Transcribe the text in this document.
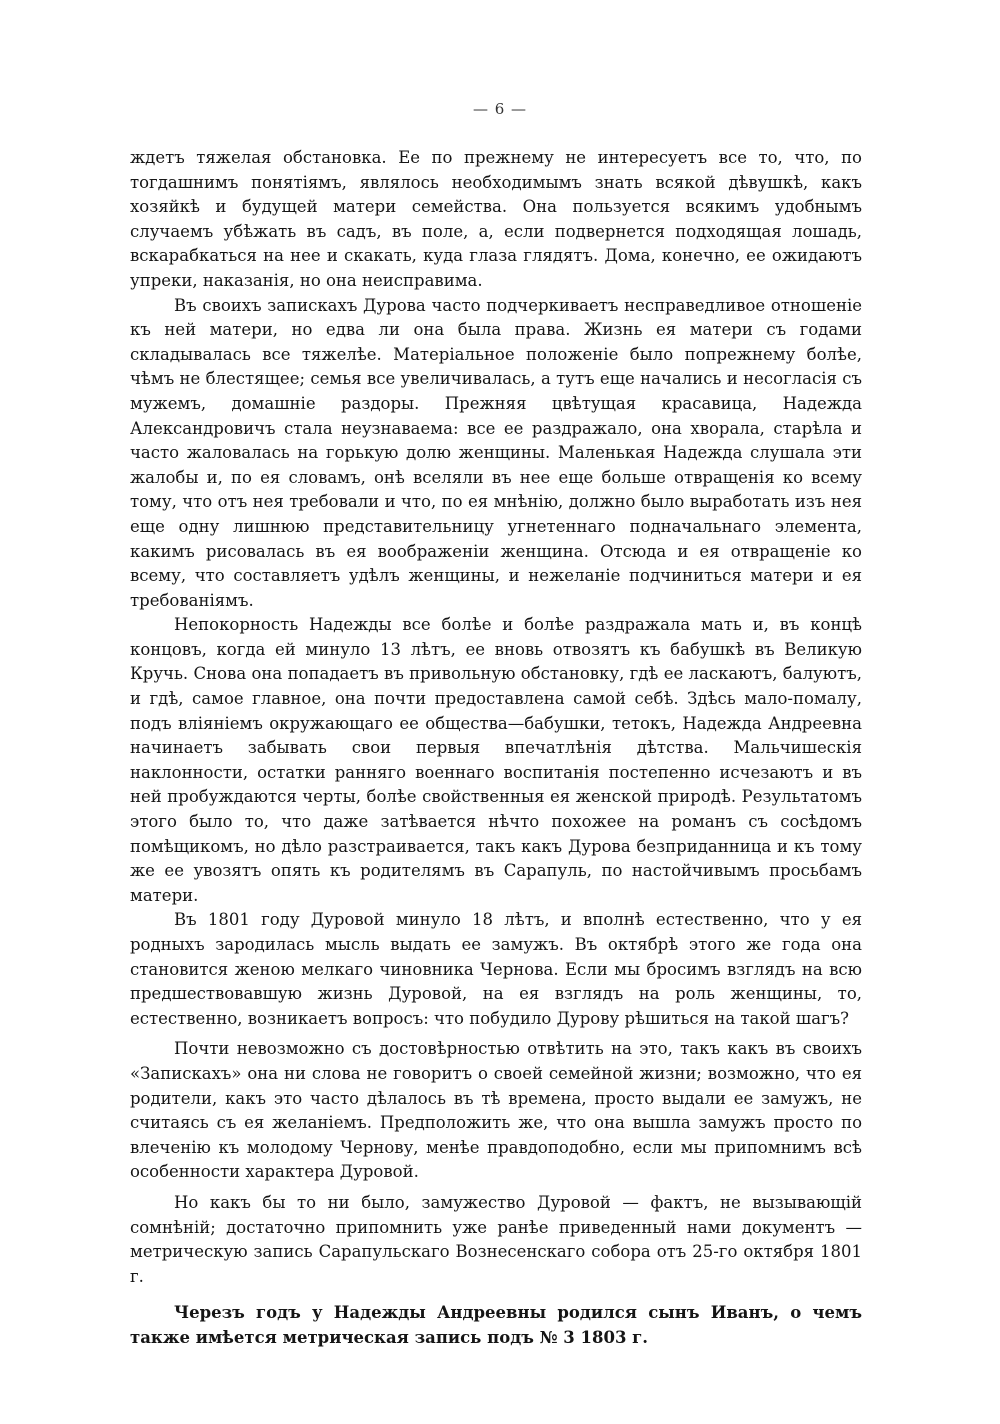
— 6 —

ждетъ тяжелая обстановка. Ее по прежнему не интересуетъ все то, что, по тогдашнимъ понятіямъ, являлось необходимымъ знать всякой дѣвушкѣ, какъ хозяйкѣ и будущей матери семейства. Она пользуется всякимъ удобнымъ случаемъ убѣжать въ садъ, въ поле, а, если подвернется подходящая лошадь, вскарабкаться на нее и скакать, куда глаза глядятъ. Дома, конечно, ее ожидаютъ упреки, наказанія, но она неисправима.

Въ своихъ запискахъ Дурова часто подчеркиваетъ несправедливое отношеніе къ ней матери, но едва ли она была права. Жизнь ея матери съ годами складывалась все тяжелѣе. Матеріальное положеніе было попрежнему болѣе, чѣмъ не блестящее; семья все увеличивалась, а тутъ еще начались и несогласія съ мужемъ, домашніе раздоры. Прежняя цвѣтущая красавица, Надежда Александровичъ стала неузнаваема: все ее раздражало, она хворала, старѣла и часто жаловалась на горькую долю женщины. Маленькая Надежда слушала эти жалобы и, по ея словамъ, онѣ вселяли въ нее еще больше отвращенія ко всему тому, что отъ нея требовали и что, по ея мнѣнію, должно было выработать изъ нея еще одну лишнюю представительницу угнетеннаго подначальнаго элемента, какимъ рисовалась въ ея воображеніи женщина. Отсюда и ея отвращеніе ко всему, что составляетъ удѣлъ женщины, и нежеланіе подчиниться матери и ея требованіямъ.

Непокорность Надежды все болѣе и болѣе раздражала мать и, въ концѣ концовъ, когда ей минуло 13 лѣтъ, ее вновь отвозятъ къ бабушкѣ въ Великую Кручь. Снова она попадаетъ въ привольную обстановку, гдѣ ее ласкаютъ, балуютъ, и гдѣ, самое главное, она почти предоставлена самой себѣ. Здѣсь мало-помалу, подъ вліяніемъ окружающаго ее общества—бабушки, тетокъ, Надежда Андреевна начинаетъ забывать свои первыя впечатлѣнія дѣтства. Мальчишескія наклонности, остатки ранняго военнаго воспитанія постепенно исчезаютъ и въ ней пробуждаются черты, болѣе свойственныя ея женской природѣ. Результатомъ этого было то, что даже затѣвается нѣчто похожее на романъ съ сосѣдомъ помѣщикомъ, но дѣло разстраивается, такъ какъ Дурова безприданница и къ тому же ее увозятъ опять къ родителямъ въ Сарапуль, по настойчивымъ просьбамъ матери.

Въ 1801 году Дуровой минуло 18 лѣтъ, и вполнѣ естественно, что у ея родныхъ зародилась мысль выдать ее замужъ. Въ октябрѣ этого же года она становится женою мелкаго чиновника Чернова. Если мы бросимъ взглядъ на всю предшествовавшую жизнь Дуровой, на ея взглядъ на роль женщины, то, естественно, возникаетъ вопросъ: что побудило Дурову рѣшиться на такой шагъ?

Почти невозможно съ достовѣрностью отвѣтить на это, такъ какъ въ своихъ «Запискахъ» она ни слова не говоритъ о своей семейной жизни; возможно, что ея родители, какъ это часто дѣлалось въ тѣ времена, просто выдали ее замужъ, не считаясь съ ея желаніемъ. Предположить же, что она вышла замужъ просто по влеченію къ молодому Чернову, менѣе правдоподобно, если мы припомнимъ всѣ особенности характера Дуровой.

Но какъ бы то ни было, замужество Дуровой — фактъ, не вызывающій сомнѣній; достаточно припомнить уже ранѣе приведенный нами документъ — метрическую запись Сарапульскаго Вознесенскаго собора отъ 25-го октября 1801 г.

Черезъ годъ у Надежды Андреевны родился сынъ Иванъ, о чемъ также имѣется метрическая запись подъ № 3 1803 г.
